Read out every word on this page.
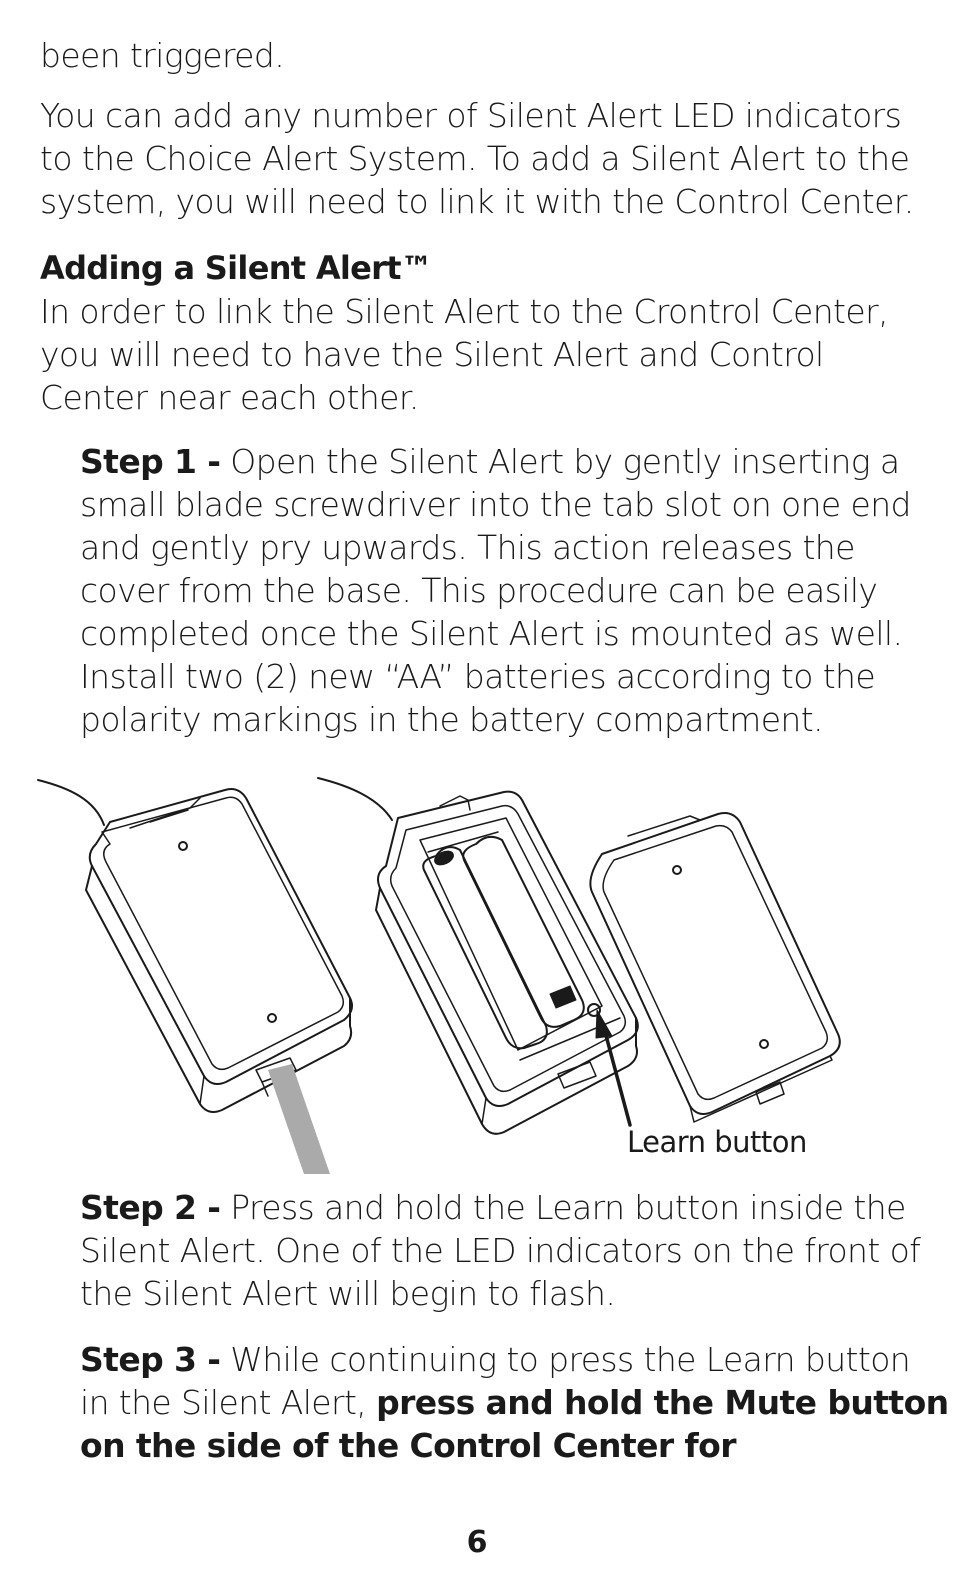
been triggered.

You can add any number of Silent Alert LED indicators
to the Choice Alert System. To add a Silent Alert to the
system, you will need to link it with the Control Center.

Adding a Silent Alert™

In order to link the Silent Alert to the Crontrol Center,
you will need to have the Silent Alert and Control
Center near each other.

Step 1 - Open the Silent Alert by gently inserting a
small blade screwdriver into the tab slot on one end
and gently pry upwards. This action releases the
cover from the base. This procedure can be easily
completed once the Silent Alert is mounted as well.
Install two (2) new “AA” batteries according to the
polarity markings in the battery compartment.

Learn button

Step 2 - Press and hold the Learn button inside the
Silent Alert. One of the LED indicators on the front of
the Silent Alert will begin to flash.

Step 3 - While continuing to press the Learn button
in the Silent Alert, press and hold the Mute button
on the side of the Control Center for

6
